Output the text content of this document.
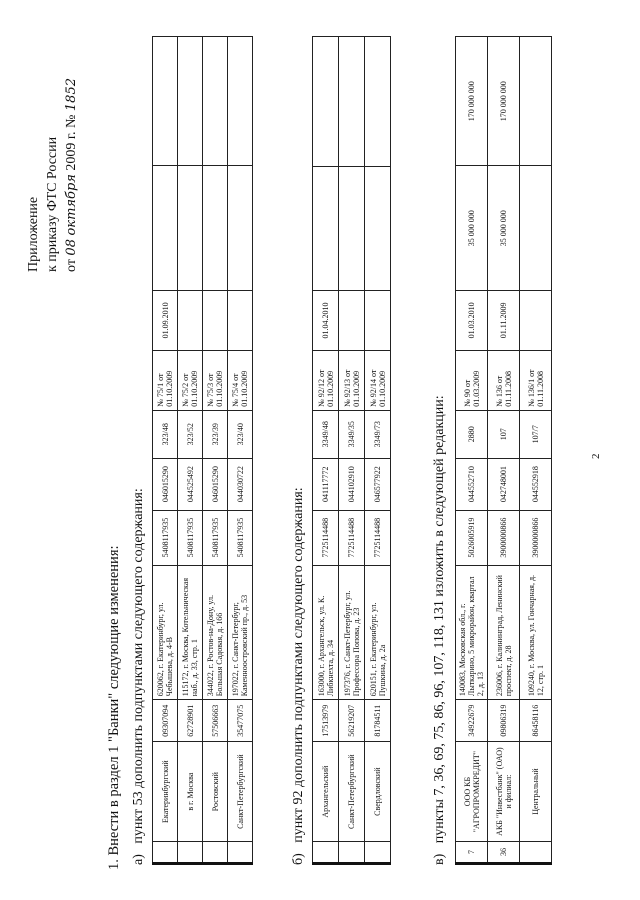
2
Приложение к приказу ФТС России от 08 октября 2009 г. № 1852
1. Внести в раздел 1 "Банки" следующие изменения: а)   пункт 53 дополнить подпунктами следующего содержания:
	Екатеринбургский	09307094	620062, г. Екатеринбург, ул. Чебышева, д. 4-В	5408117935	046015290	323/48	№ 75/1 от 01.10.2009	01.09.2010		
	в г. Москва	62728901	115172, г. Москва, Котельническая наб., д. 33, стр. 1	5408117935	044525492	323/52	№ 75/2 от 01.10.2009			
	Ростовский	57506663	344022, г. Ростов-на-Дону, ул. Большая Садовая, д. 166	5408117935	046015290	323/39	№ 75/3 от 01.10.2009			
	Санкт-Петербургский	35477075	197022, г. Санкт-Петербург, Каменноостровский пр., д. 53	5408117935	044030722	323/40	№ 75/4 от 01.10.2009			
б)   пункт 92 дополнить подпунктами следующего содержания:
	Архангельский	17513979	163000, г. Архангельск, ул. К. Либкнехта, д. 34	7725114488	041117772	3349/48	№ 92/12 от 01.10.2009	01.04.2010		
	Санкт-Петербургский	56219207	197376, г. Санкт-Петербург, ул. Профессора Попова, д. 23	7725114488	044102910	3349/35	№ 92/13 от 01.10.2009			
	Свердловский	81784511	620151, г. Екатеринбург, ул. Пушкина, д. 2а	7725114488	046577922	3349/73	№ 92/14 от 01.10.2009			
в)   пункты 7, 36, 69, 75, 86, 96, 107, 118, 131 изложить в следующей редакции:
7	ООО КБ "АГРОПРОМКРЕДИТ"	34922679	140083, Московская обл., г. Лыткарино, 5 микрорайон, квартал 2, д. 13	5026005919	044552710	2880	№ 90 от 01.03.2009	01.03.2010	35 000 000	170 000 000
36	АКБ "Инвестбанк" (ОАО) и филиал:	09806319	236006, г. Калининград, Ленинский проспект, д. 28	3900000866	042748001	107	№ 136 от 01.11.2008	01.11.2009	35 000 000	170 000 000
	Центральный	86458116	109240, г. Москва, ул. Гончарная, д. 12, стр. 1	3900000866	044552918	107/7	№ 136/1 от 01.11.2008			
